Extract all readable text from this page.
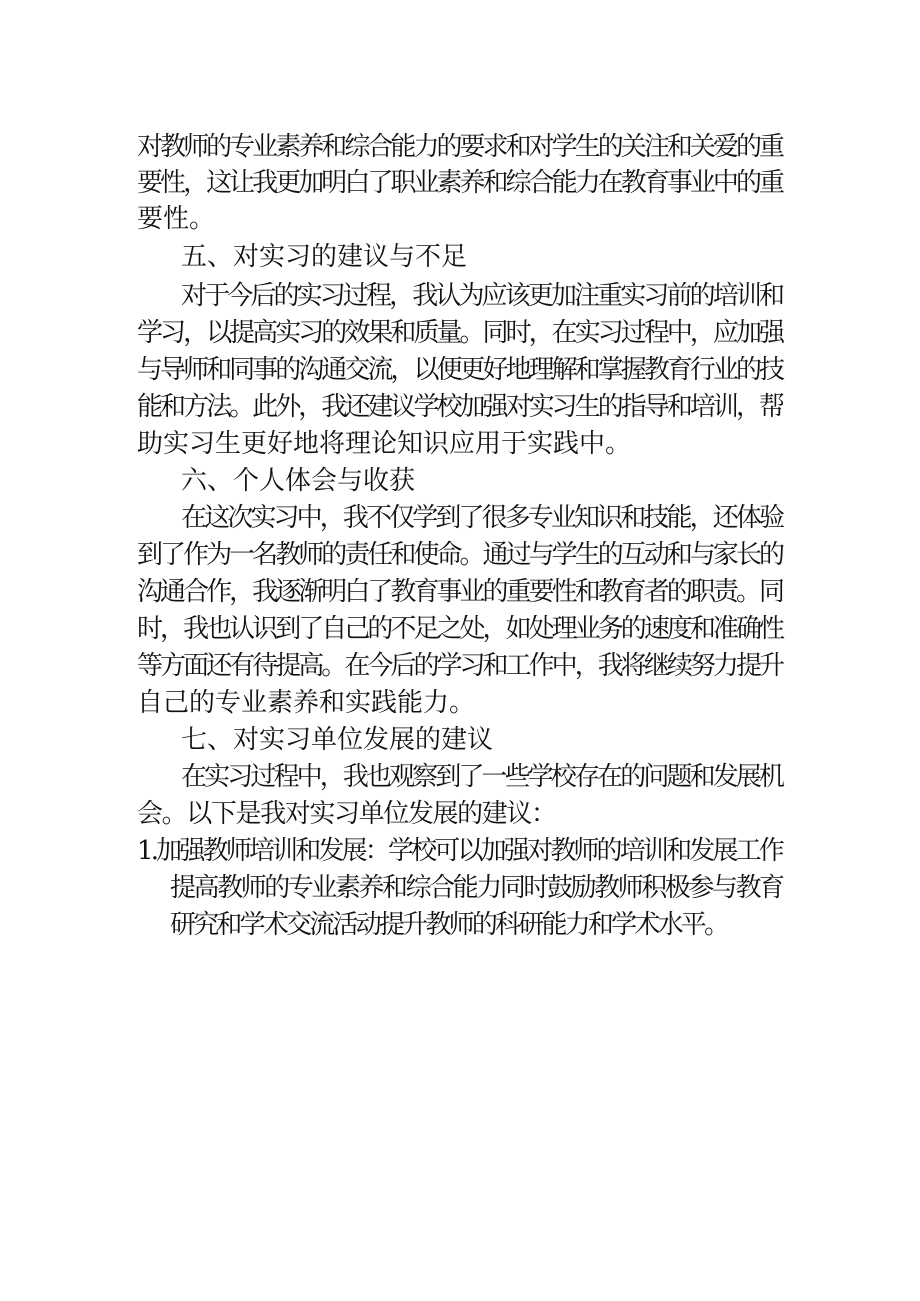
对教师的专业素养和综合能力的要求和对学生的关注和关爱的重
要性，这让我更加明白了职业素养和综合能力在教育事业中的重
要性。
五、对实习的建议与不足
对于今后的实习过程，我认为应该更加注重实习前的培训和
学习，以提高实习的效果和质量。同时，在实习过程中，应加强
与导师和同事的沟通交流，以便更好地理解和掌握教育行业的技
能和方法。此外，我还建议学校加强对实习生的指导和培训，帮
助实习生更好地将理论知识应用于实践中。
六、个人体会与收获
在这次实习中，我不仅学到了很多专业知识和技能，还体验
到了作为一名教师的责任和使命。通过与学生的互动和与家长的
沟通合作，我逐渐明白了教育事业的重要性和教育者的职责。同
时，我也认识到了自己的不足之处，如处理业务的速度和准确性
等方面还有待提高。在今后的学习和工作中，我将继续努力提升
自己的专业素养和实践能力。
七、对实习单位发展的建议
在实习过程中，我也观察到了一些学校存在的问题和发展机
会。以下是我对实习单位发展的建议：
1.加强教师培训和发展：学校可以加强对教师的培训和发展工作
提高教师的专业素养和综合能力同时鼓励教师积极参与教育
研究和学术交流活动提升教师的科研能力和学术水平。
